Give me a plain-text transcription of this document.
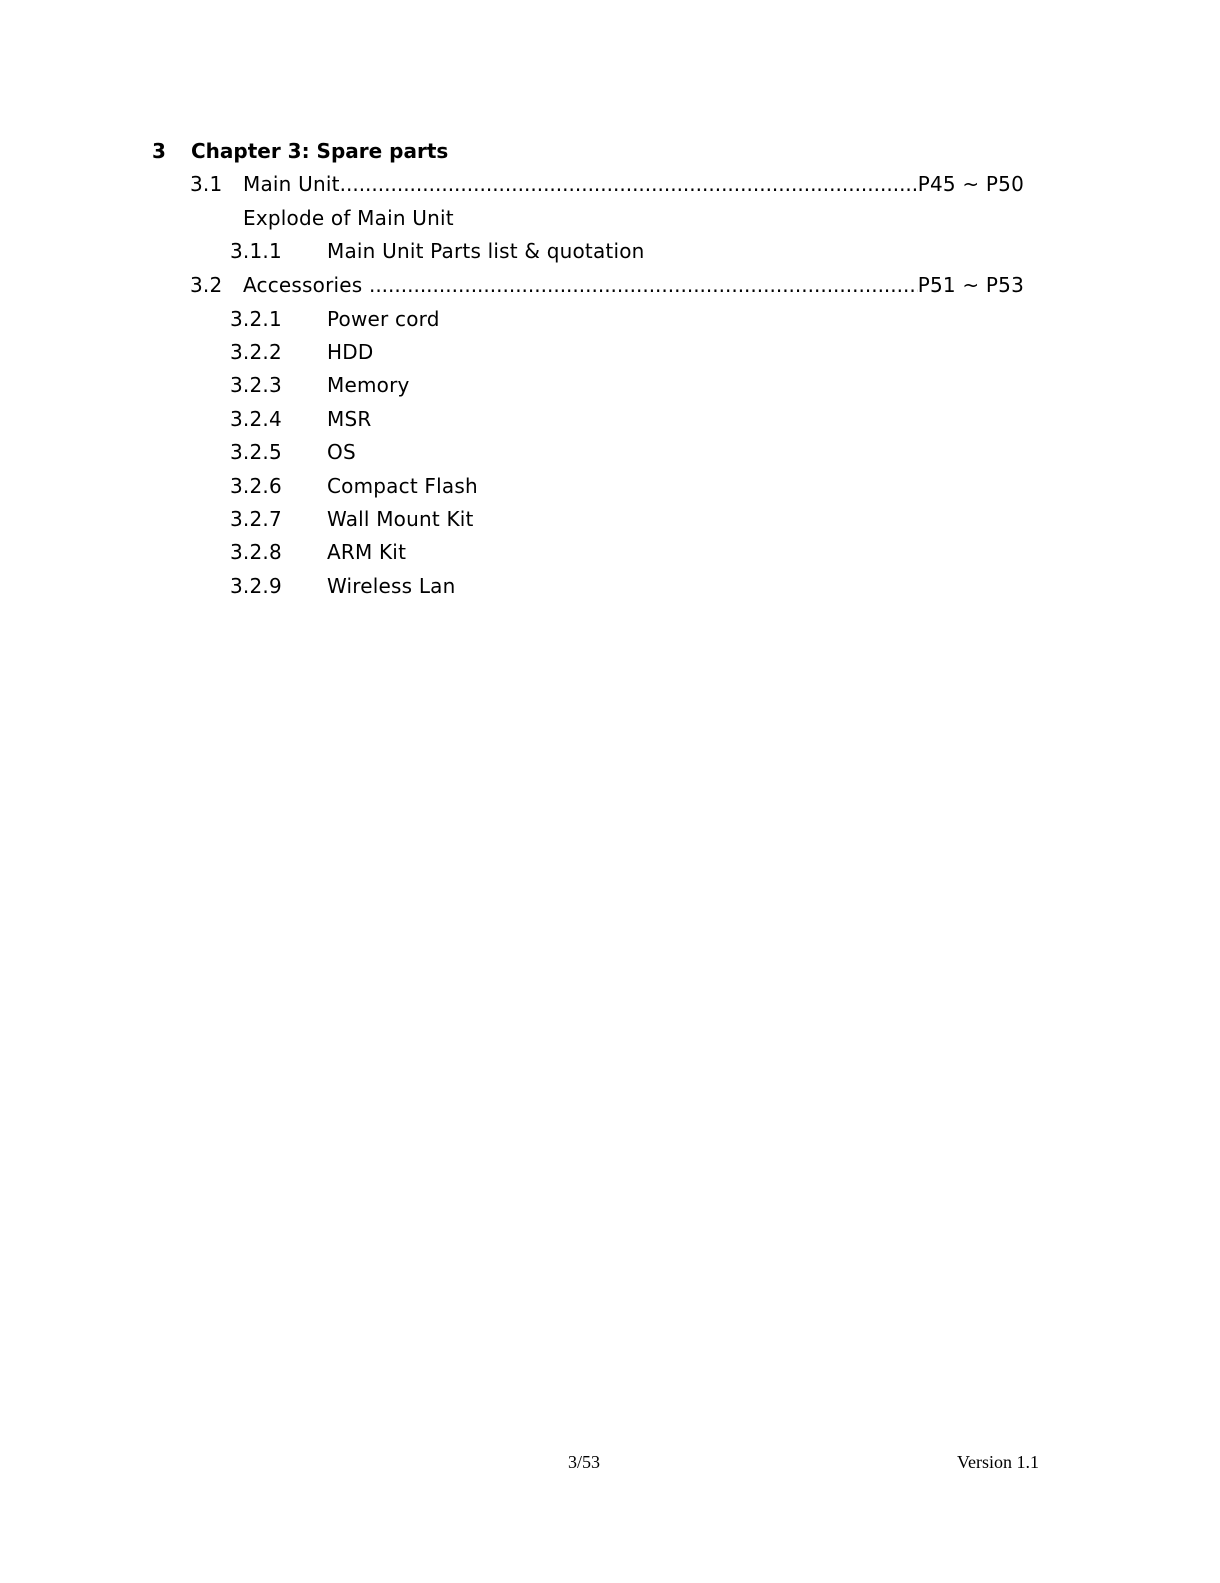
3 Chapter 3: Spare parts
3.1	Main Unit .....	P45 ~ P50
Explode of Main Unit
3.1.1 Main Unit Parts list & quotation
3.2	Accessories .....	P51 ~ P53
3.2.1 Power cord
3.2.2 HDD
3.2.3 Memory
3.2.4 MSR
3.2.5 OS
3.2.6 Compact Flash
3.2.7 Wall Mount Kit
3.2.8 ARM Kit
3.2.9 Wireless Lan
3/53	Version 1.1
